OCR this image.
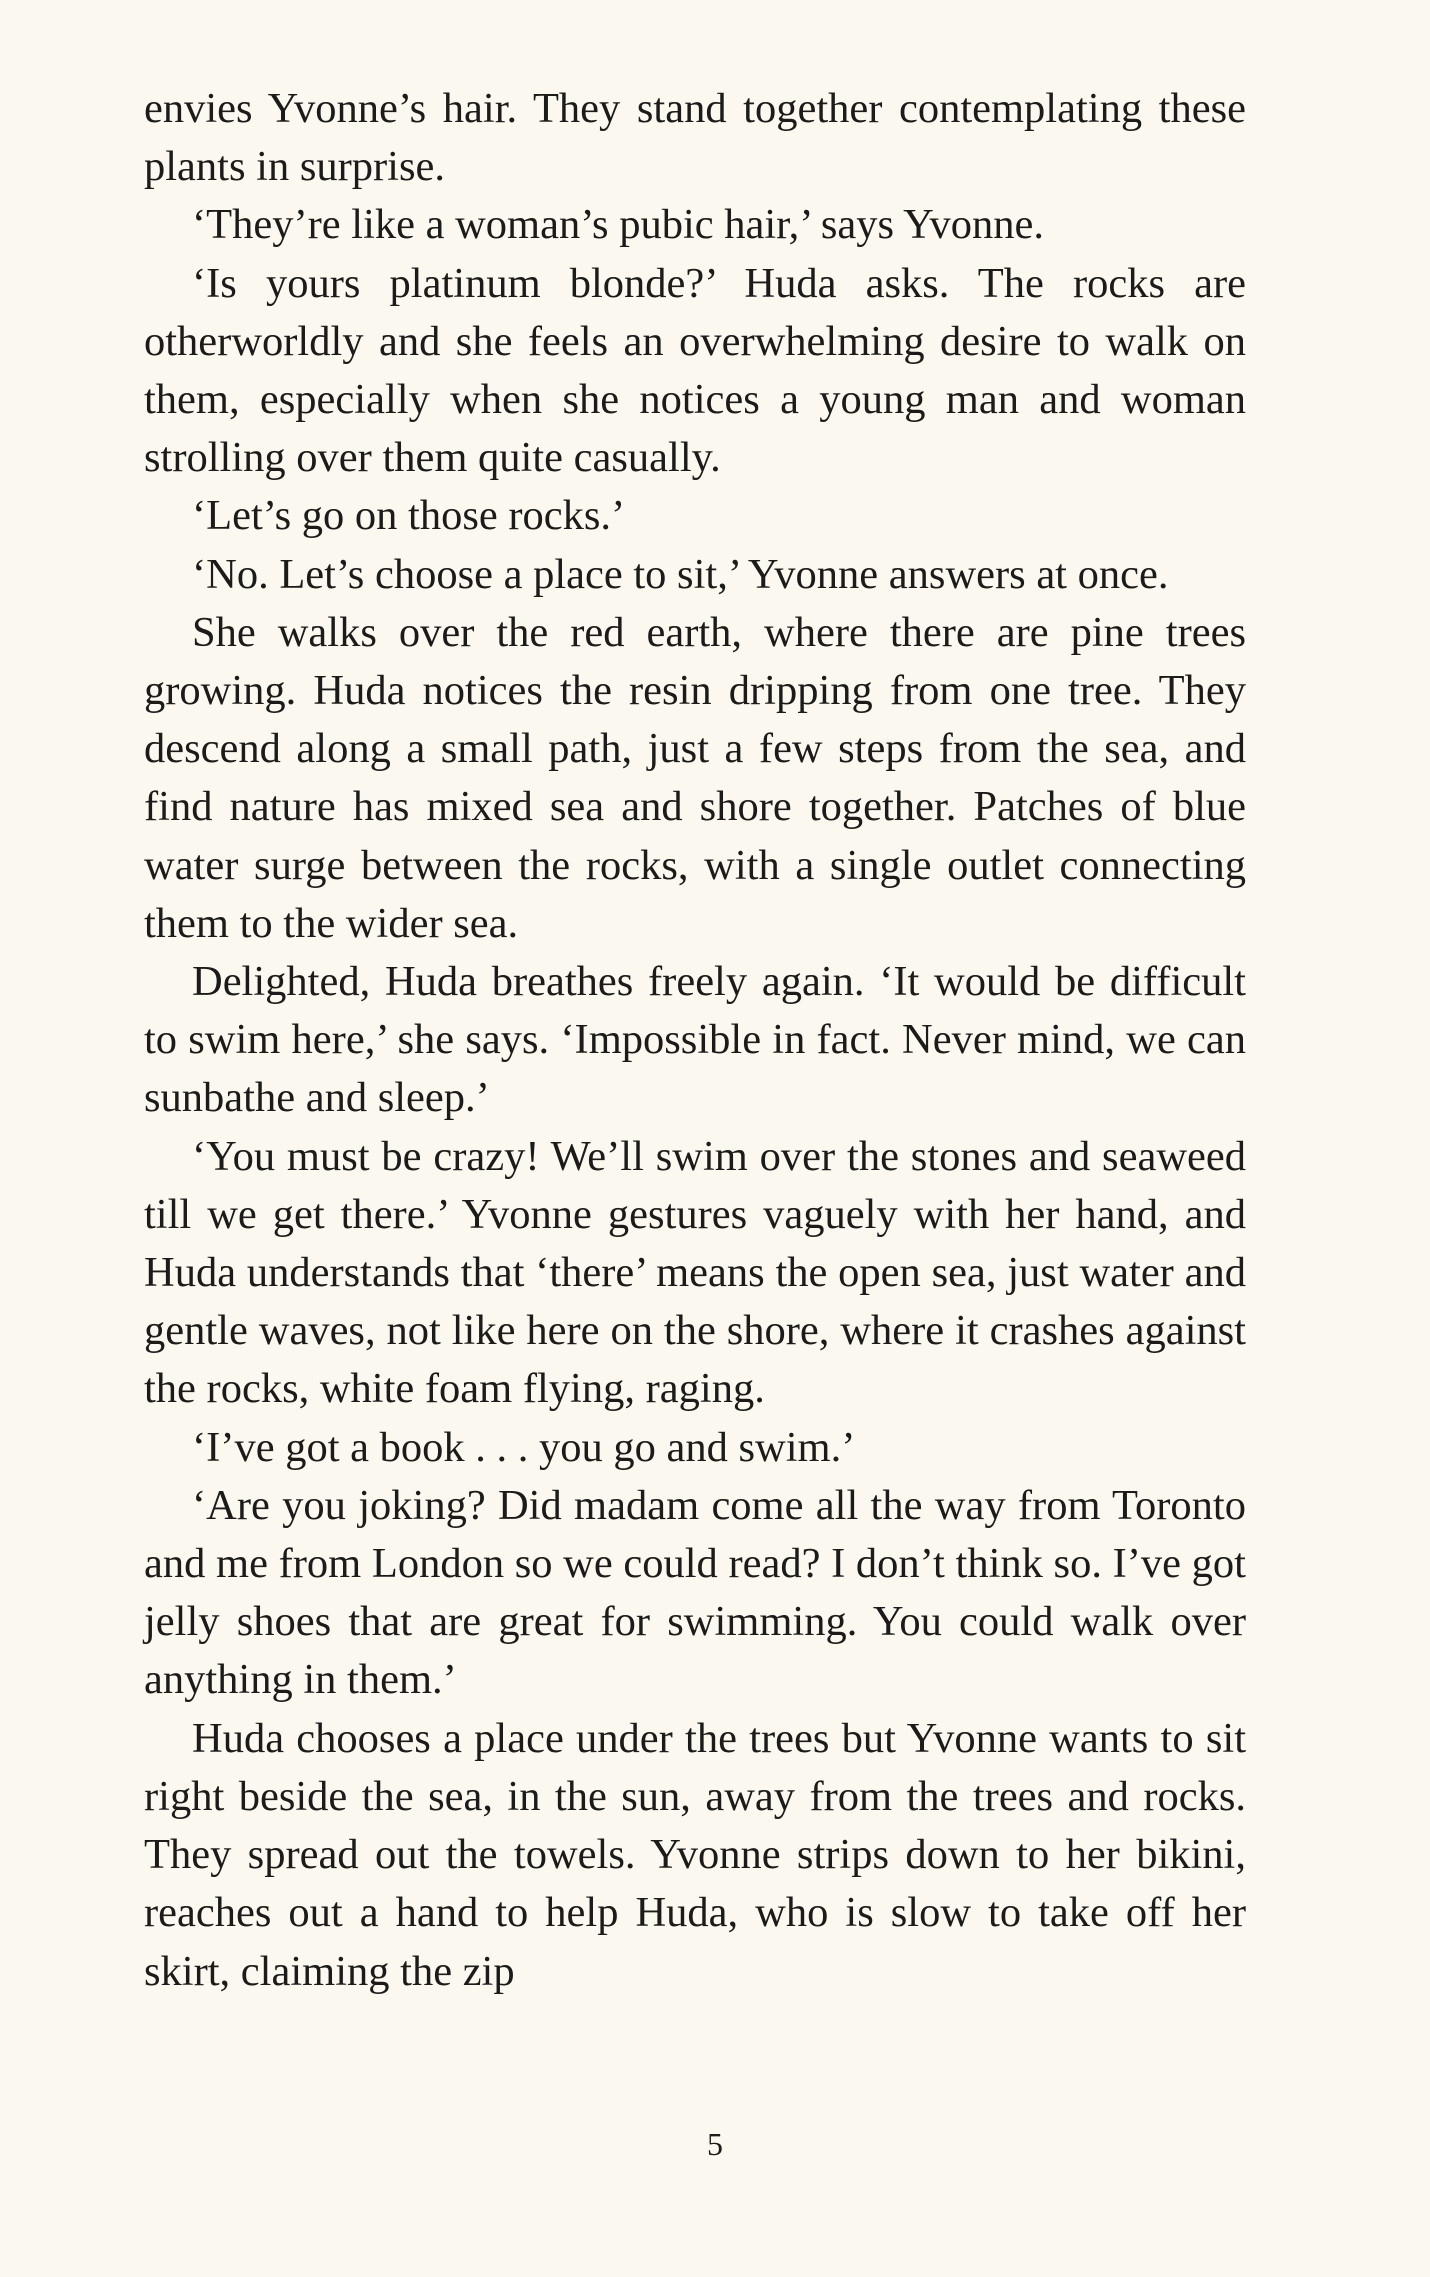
envies Yvonne’s hair. They stand together contemplating these plants in surprise.

‘They’re like a woman’s pubic hair,’ says Yvonne.

‘Is yours platinum blonde?’ Huda asks. The rocks are otherworldly and she feels an overwhelming desire to walk on them, especially when she notices a young man and woman strolling over them quite casually.

‘Let’s go on those rocks.’

‘No. Let’s choose a place to sit,’ Yvonne answers at once.

She walks over the red earth, where there are pine trees growing. Huda notices the resin dripping from one tree. They descend along a small path, just a few steps from the sea, and find nature has mixed sea and shore together. Patches of blue water surge between the rocks, with a single outlet connecting them to the wider sea.

Delighted, Huda breathes freely again. ‘It would be difficult to swim here,’ she says. ‘Impossible in fact. Never mind, we can sunbathe and sleep.’

‘You must be crazy! We’ll swim over the stones and seaweed till we get there.’ Yvonne gestures vaguely with her hand, and Huda understands that ‘there’ means the open sea, just water and gentle waves, not like here on the shore, where it crashes against the rocks, white foam flying, raging.

‘I’ve got a book . . . you go and swim.’

‘Are you joking? Did madam come all the way from Toronto and me from London so we could read? I don’t think so. I’ve got jelly shoes that are great for swimming. You could walk over anything in them.’

Huda chooses a place under the trees but Yvonne wants to sit right beside the sea, in the sun, away from the trees and rocks. They spread out the towels. Yvonne strips down to her bikini, reaches out a hand to help Huda, who is slow to take off her skirt, claiming the zip

5
